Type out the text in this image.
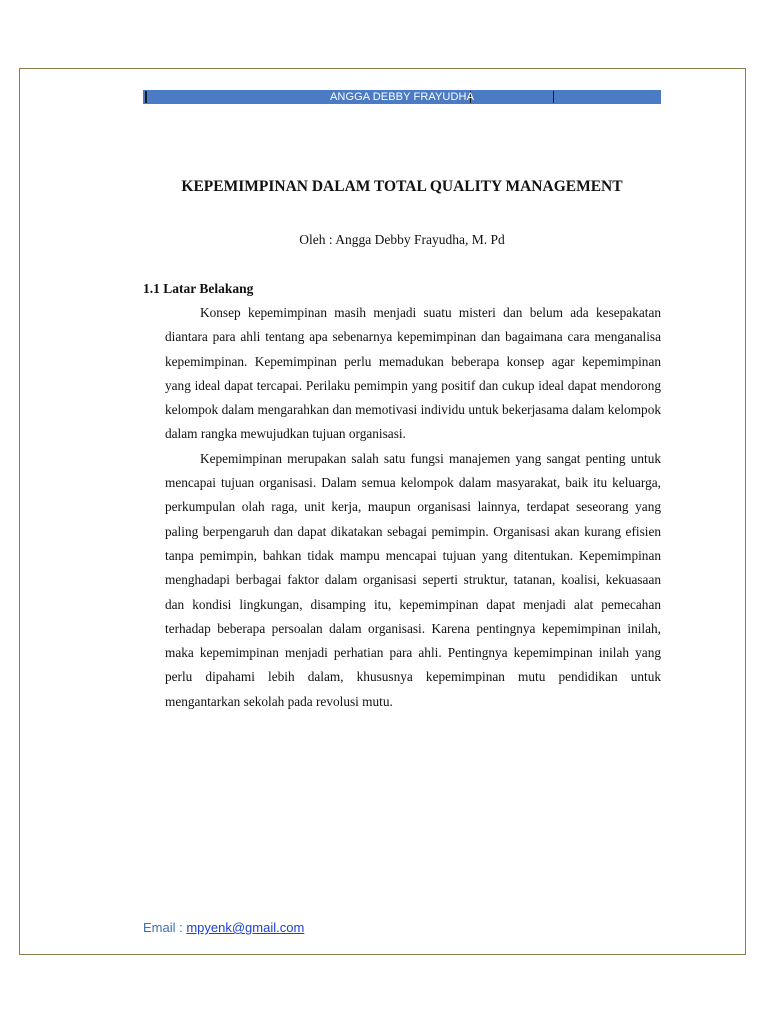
ANGGA DEBBY FRAYUDHA
KEPEMIMPINAN DALAM TOTAL QUALITY MANAGEMENT
Oleh : Angga Debby Frayudha, M. Pd
1.1 Latar Belakang

Konsep kepemimpinan masih menjadi suatu misteri dan belum ada kesepakatan diantara para ahli tentang apa sebenarnya kepemimpinan dan bagaimana cara menganalisa kepemimpinan. Kepemimpinan perlu memadukan beberapa konsep agar kepemimpinan yang ideal dapat tercapai. Perilaku pemimpin yang positif dan cukup ideal dapat mendorong kelompok dalam mengarahkan dan memotivasi individu untuk bekerjasama dalam kelompok dalam rangka mewujudkan tujuan organisasi.

Kepemimpinan merupakan salah satu fungsi manajemen yang sangat penting untuk mencapai tujuan organisasi. Dalam semua kelompok dalam masyarakat, baik itu keluarga, perkumpulan olah raga, unit kerja, maupun organisasi lainnya, terdapat seseorang yang paling berpengaruh dan dapat dikatakan sebagai pemimpin. Organisasi akan kurang efisien tanpa pemimpin, bahkan tidak mampu mencapai tujuan yang ditentukan. Kepemimpinan menghadapi berbagai faktor dalam organisasi seperti struktur, tatanan, koalisi, kekuasaan dan kondisi lingkungan, disamping itu, kepemimpinan dapat menjadi alat pemecahan terhadap beberapa persoalan dalam organisasi. Karena pentingnya kepemimpinan inilah, maka kepemimpinan menjadi perhatian para ahli. Pentingnya kepemimpinan inilah yang perlu dipahami lebih dalam, khususnya kepemimpinan mutu pendidikan untuk mengantarkan sekolah pada revolusi mutu.

Email : mpyenk@gmail.com
